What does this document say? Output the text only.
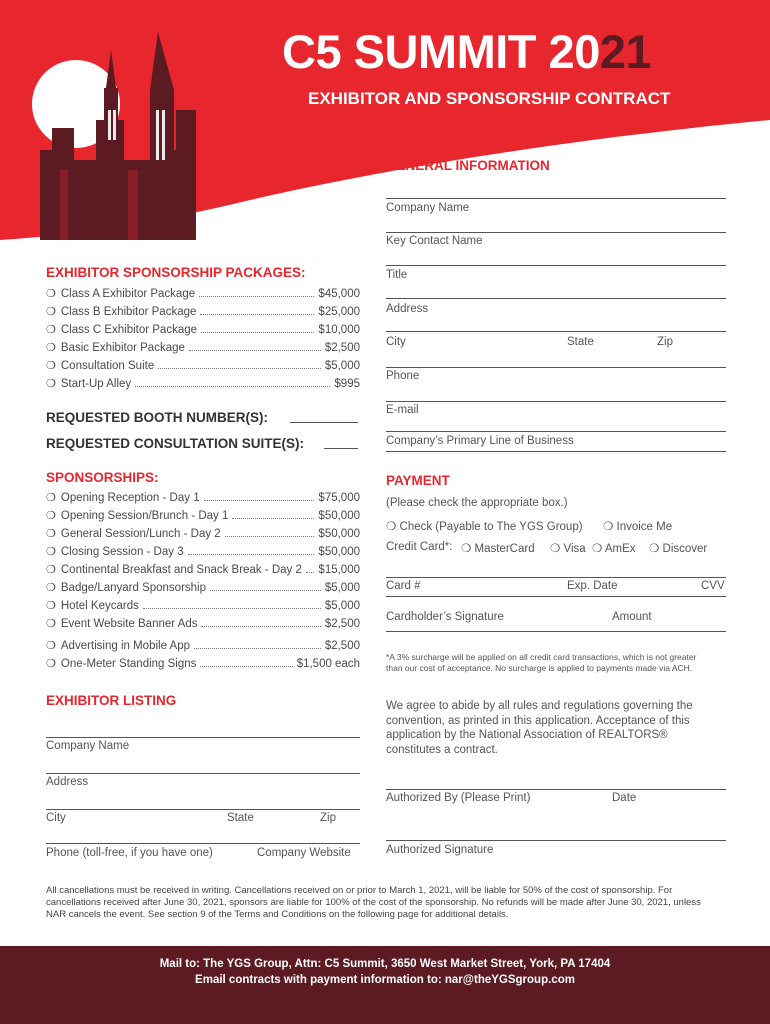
C5 SUMMIT 2021
EXHIBITOR AND SPONSORSHIP CONTRACT
EXHIBITOR SPONSORSHIP PACKAGES:
❍ Class A Exhibitor Package	$45,000
❍ Class B Exhibitor Package	$25,000
❍ Class C Exhibitor Package	$10,000
❍ Basic Exhibitor Package	$2,500
❍ Consultation Suite	$5,000
❍ Start-Up Alley	$995
REQUESTED BOOTH NUMBER(S):
REQUESTED CONSULTATION SUITE(S):
SPONSORSHIPS:
❍ Opening Reception - Day 1	$75,000
❍ Opening Session/Brunch - Day 1	$50,000
❍ General Session/Lunch - Day 2	$50,000
❍ Closing Session - Day 3	$50,000
❍ Continental Breakfast and Snack Break - Day 2 $15,000
❍ Badge/Lanyard Sponsorship	$5,000
❍ Hotel Keycards	$5,000
❍ Event Website Banner Ads	$2,500
❍ Advertising in Mobile App	$2,500
❍ One-Meter Standing Signs	$1,500 each
EXHIBITOR LISTING
Company Name
Address
City	State	Zip
Phone (toll-free, if you have one)	Company Website
GENERAL INFORMATION
Company Name
Key Contact Name
Title
Address
City	State	Zip
Phone
E-mail
Company’s Primary Line of Business
PAYMENT
(Please check the appropriate box.)
❍ Check (Payable to The YGS Group) ❍ Invoice Me
Credit Card*: ❍ MasterCard ❍ Visa ❍ AmEx ❍ Discover
Card #	Exp. Date	CVV
Cardholder’s Signature	Amount
*A 3% surcharge will be applied on all credit card transactions, which is not greater than our cost of acceptance. No surcharge is applied to payments made via ACH.
We agree to abide by all rules and regulations governing the convention, as printed in this application. Acceptance of this application by the National Association of REALTORS® constitutes a contract.
Authorized By (Please Print)	Date
Authorized Signature
All cancellations must be received in writing. Cancellations received on or prior to March 1, 2021, will be liable for 50% of the cost of sponsorship. For cancellations received after June 30, 2021, sponsors are liable for 100% of the cost of the sponsorship. No refunds will be made after June 30, 2021, unless NAR cancels the event. See section 9 of the Terms and Conditions on the following page for additional details.
Mail to: The YGS Group, Attn: C5 Summit, 3650 West Market Street, York, PA 17404
Email contracts with payment information to: nar@theYGSgroup.com
